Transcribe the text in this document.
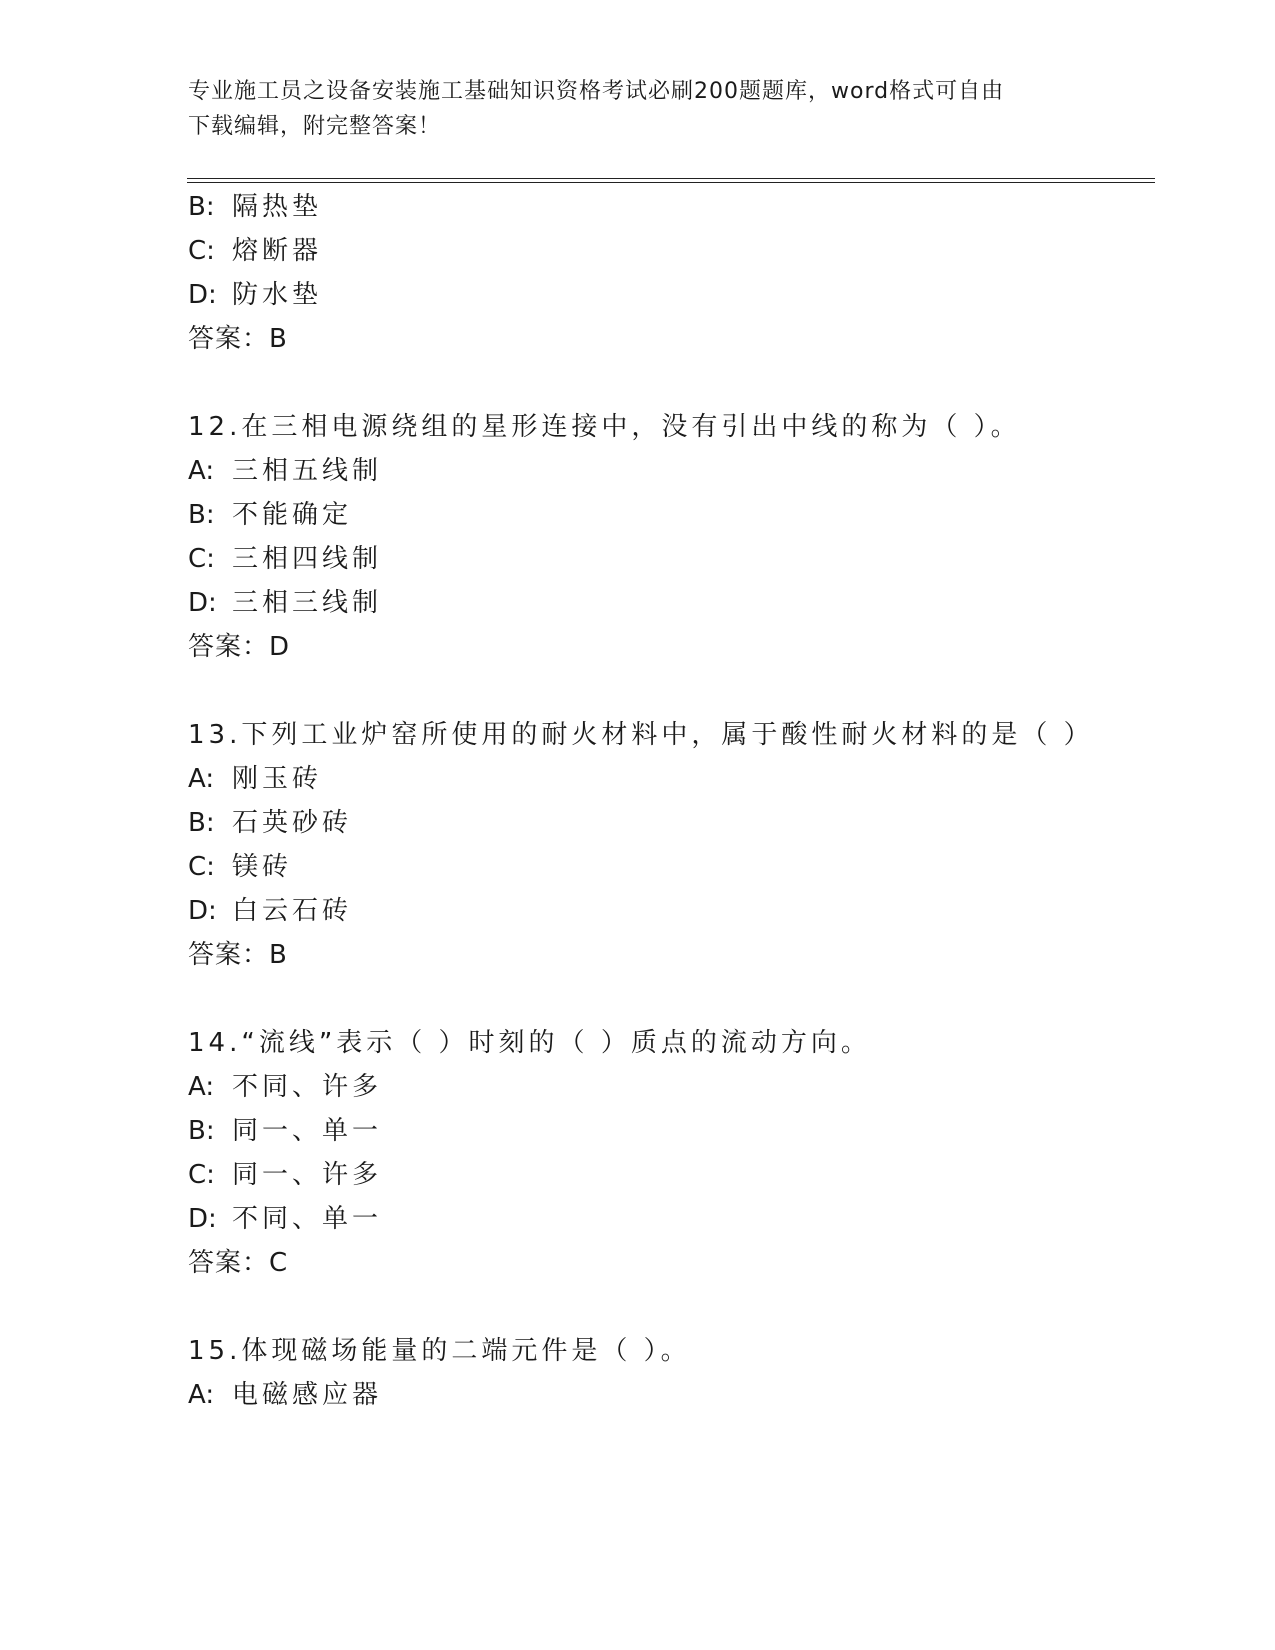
专业施工员之设备安装施工基础知识资格考试必刷200题题库，word格式可自由
下载编辑，附完整答案！
B: 隔热垫
C: 熔断器
D: 防水垫
答案：B
12.在三相电源绕组的星形连接中，没有引出中线的称为（ ）。
A: 三相五线制
B: 不能确定
C: 三相四线制
D: 三相三线制
答案：D
13.下列工业炉窑所使用的耐火材料中，属于酸性耐火材料的是（ ）
A: 刚玉砖
B: 石英砂砖
C: 镁砖
D: 白云石砖
答案：B
14.“流线”表示（ ）时刻的（ ）质点的流动方向。
A: 不同、许多
B: 同一、单一
C: 同一、许多
D: 不同、单一
答案：C
15.体现磁场能量的二端元件是（ ）。
A: 电磁感应器
